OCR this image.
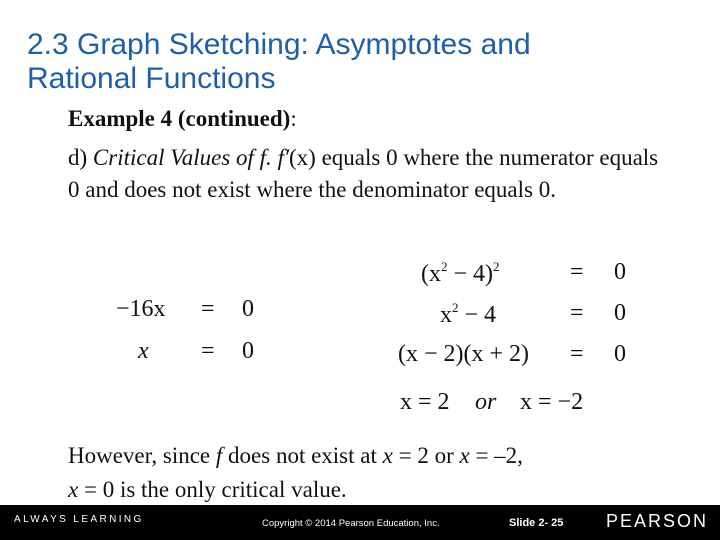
2.3 Graph Sketching: Asymptotes and
Rational Functions
Example 4 (continued):
d) Critical Values of f. f′(x) equals 0 where the numerator equals 0 and does not exist where the denominator equals 0.
−16x = 0
x = 0
$(x^2 - 4)^2$	= 0
$x^2 - 4$	= 0
(x − 2)(x + 2) = 0
x = 2 or x = −2
However, since f does not exist at x = 2 or x = –2,
x = 0 is the only critical value.
ALWAYS LEARNING	Copyright © 2014 Pearson Education, Inc.	Slide 2- 25 PEARSON
